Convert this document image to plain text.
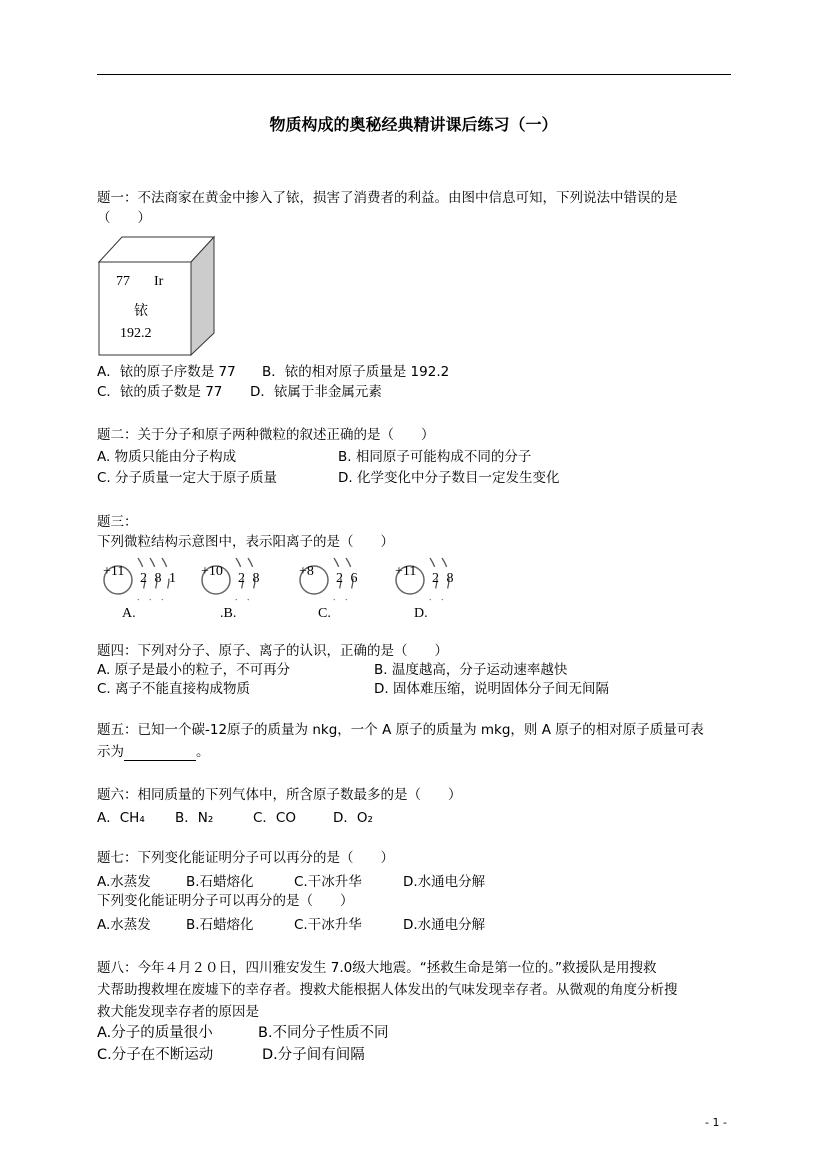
物质构成的奥秘经典精讲课后练习（一）
题一：不法商家在黄金中掺入了铱，损害了消费者的利益。由图中信息可知，下列说法中错误的是
（　　）
77 Ir
铱
192.2
A．铱的原子序数是 77 B．铱的相对原子质量是 192.2
C．铱的质子数是 77 D．铱属于非金属元素
题二：关于分子和原子两种微粒的叙述正确的是（　　）
A. 物质只能由分子构成	B. 相同原子可能构成不同的分子
C. 分子质量一定大于原子质量	D. 化学变化中分子数目一定发生变化
题三：
下列微粒结构示意图中，表示阳离子的是（　　）
+11 2 8 1
A.
+10 2 8
.B.
+8 2 6
C.
+11 2 8
D.
题四：下列对分子、原子、离子的认识，正确的是（　　）
A. 原子是最小的粒子，不可再分	B. 温度越高，分子运动速率越快
C. 离子不能直接构成物质	D. 固体难压缩，说明固体分子间无间隔
题五：已知一个碳-12原子的质量为 nkg，一个 A 原子的质量为 mkg，则 A 原子的相对原子质量可表
示为	。
题六：相同质量的下列气体中，所含原子数最多的是（　　）
A．CH₄ B．N₂	C．CO	D．O₂
题七：下列变化能证明分子可以再分的是（　　）
A.水蒸发	B.石蜡熔化	C.干冰升华	D.水通电分解
下列变化能证明分子可以再分的是（　　）
A.水蒸发	B.石蜡熔化	C.干冰升华	D.水通电分解
题八：今年４月２０日，四川雅安发生 7.0级大地震。“拯救生命是第一位的。”救援队是用搜救
犬帮助搜救埋在废墟下的幸存者。搜救犬能根据人体发出的气味发现幸存者。从微观的角度分析搜
救犬能发现幸存者的原因是
A.分子的质量很小	B.不同分子性质不同
C.分子在不断运动	D.分子间有间隔
- 1 -
